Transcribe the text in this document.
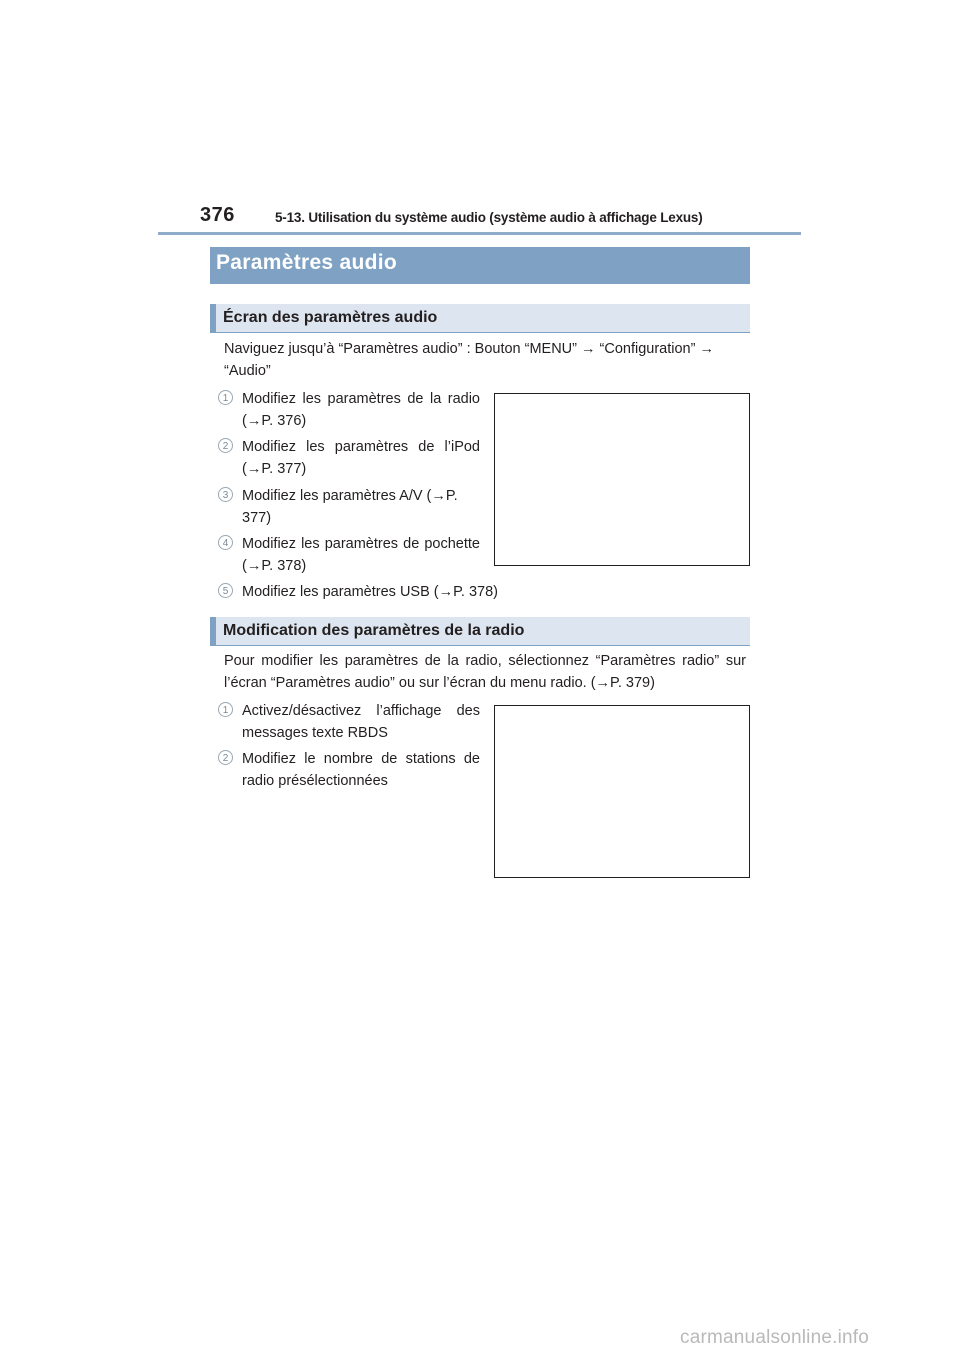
376	5-13. Utilisation du système audio (système audio à affichage Lexus)
Paramètres audio
Écran des paramètres audio
Naviguez jusqu’à “Paramètres audio” : Bouton “MENU” → “Configuration” →
“Audio”
1 Modifiez les paramètres de la radio (→P. 376)
2 Modifiez les paramètres de l’iPod (→P. 377)
3 Modifiez les paramètres A/V (→P. 377)
4 Modifiez les paramètres de pochette (→P. 378)
5 Modifiez les paramètres USB (→P. 378)
Modification des paramètres de la radio
Pour modifier les paramètres de la radio, sélectionnez “Paramètres radio” sur l’écran “Paramètres audio” ou sur l’écran du menu radio. (→P. 379)
1 Activez/désactivez l’affichage des messages texte RBDS
2 Modifiez le nombre de stations de radio présélectionnées
carmanualsonline.info
